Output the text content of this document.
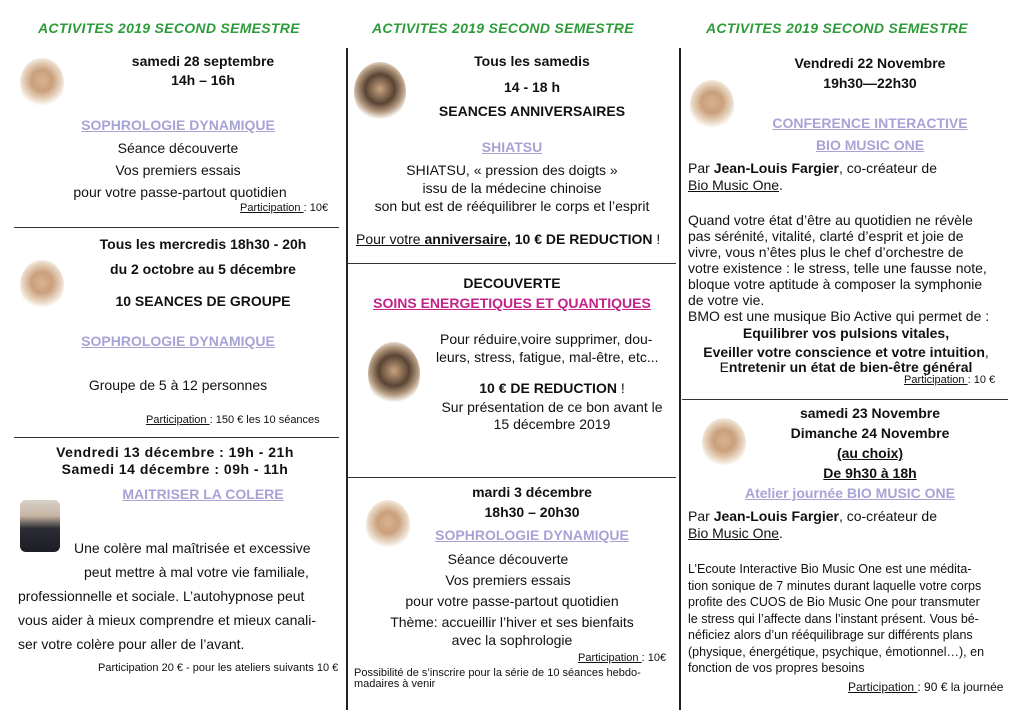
ACTIVITES 2019 SECOND SEMESTRE	ACTIVITES 2019 SECOND SEMESTRE	ACTIVITES 2019 SECOND SEMESTRE
samedi 28 septembre
14h – 16h
SOPHROLOGIE DYNAMIQUE
Séance découverte
Vos premiers essais
pour votre passe-partout quotidien
Participation : 10€
Tous les mercredis 18h30 - 20h
du 2 octobre au 5 décembre
10 SEANCES DE GROUPE
SOPHROLOGIE DYNAMIQUE
Groupe de 5 à 12 personnes
Participation : 150 € les 10 séances
Vendredi 13 décembre : 19h - 21h
Samedi 14 décembre : 09h - 11h
MAITRISER LA COLERE
Une colère mal maîtrisée et excessive
peut mettre à mal votre vie familiale,
professionnelle et sociale. L’autohypnose peut
vous aider à mieux comprendre et mieux canali-
ser votre colère pour aller de l’avant.
Participation 20 € - pour les ateliers suivants 10 €
Tous les samedis
14 - 18 h
SEANCES ANNIVERSAIRES
SHIATSU
SHIATSU, « pression des doigts »
issu de la médecine chinoise
son but est de rééquilibrer le corps et l’esprit
Pour votre anniversaire, 10 € DE REDUCTION !
DECOUVERTE
SOINS ENERGETIQUES ET QUANTIQUES
Pour réduire,voire supprimer, dou-
leurs, stress, fatigue, mal-être, etc...
10 € DE REDUCTION !
Sur présentation de ce bon avant le
15 décembre 2019
mardi 3 décembre
18h30 – 20h30
SOPHROLOGIE DYNAMIQUE
Séance découverte
Vos premiers essais
pour votre passe-partout quotidien
Thème: accueillir l’hiver et ses bienfaits
avec la sophrologie
Participation : 10€
Possibilité de s’inscrire pour la série de 10 séances hebdo-
madaires à venir
Vendredi 22 Novembre
19h30—22h30
CONFERENCE INTERACTIVE
BIO MUSIC ONE
Par Jean-Louis Fargier, co-créateur de
Bio Music One.
Quand votre état d’être au quotidien ne révèle
pas sérénité, vitalité, clarté d’esprit et joie de
vivre, vous n’êtes plus le chef d’orchestre de
votre existence : le stress, telle une fausse note,
bloque votre aptitude à composer la symphonie
de votre vie.
BMO est une musique Bio Active qui permet de :
Equilibrer vos pulsions vitales,
Eveiller votre conscience et votre intuition,
Entretenir un état de bien-être général
Participation : 10 €
samedi 23 Novembre
Dimanche 24 Novembre
(au choix)
De 9h30 à 18h
Atelier journée BIO MUSIC ONE
Par Jean-Louis Fargier, co-créateur de
Bio Music One.
L’Ecoute Interactive Bio Music One est une médita-
tion sonique de 7 minutes durant laquelle votre corps
profite des CUOS de Bio Music One pour transmuter
le stress qui l’affecte dans l’instant présent. Vous bé-
néficiez alors d’un rééquilibrage sur différents plans
(physique, énergétique, psychique, émotionnel…), en
fonction de vos propres besoins
Participation : 90 € la journée
